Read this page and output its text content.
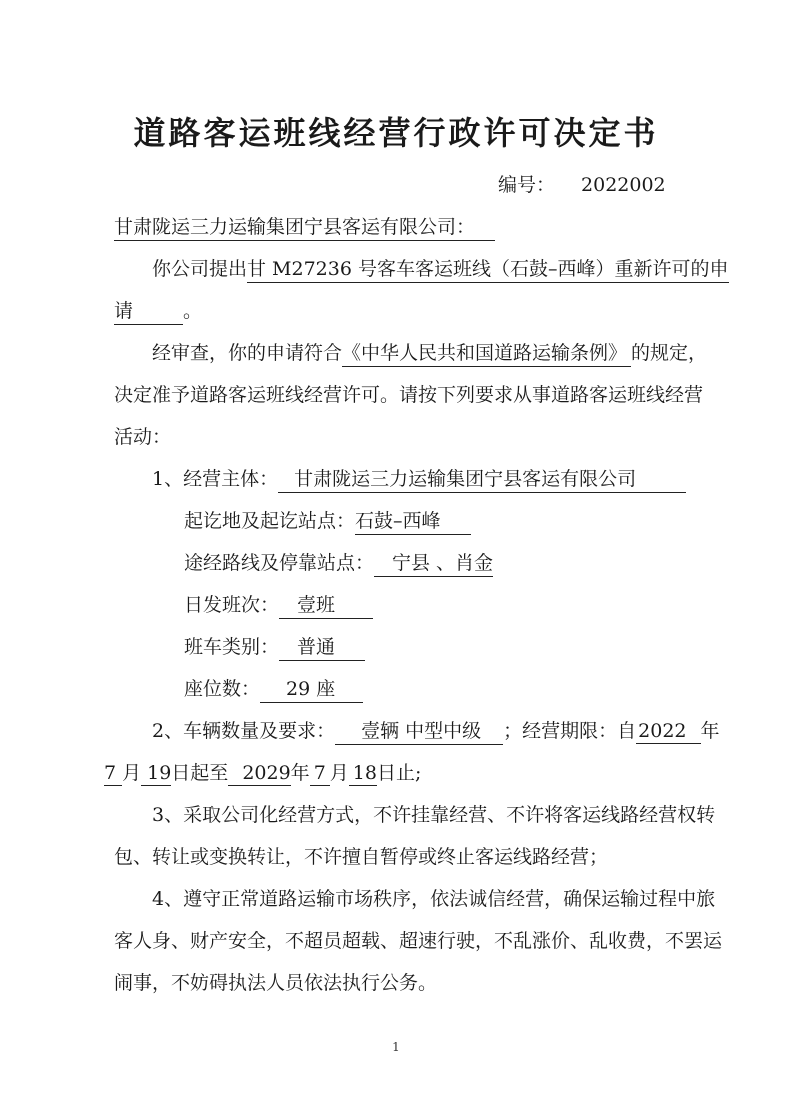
道路客运班线经营行政许可决定书
编号： 2022002
甘肃陇运三力运输集团宁县客运有限公司：
你公司提出甘 M27236 号客车客运班线（石鼓–西峰）重新许可的申
请	。
经审查，你的申请符合《中华人民共和国道路运输条例》 的规定，
决定准予道路客运班线经营许可。请按下列要求从事道路客运班线经营
活动：
1、经营主体： 甘肃陇运三力运输集团宁县客运有限公司
起讫地及起讫站点：石鼓–西峰
途经路线及停靠站点： 宁县 、肖金
日发班次： 壹班
班车类别： 普通
座位数： 29 座
2、车辆数量及要求： 壹辆 中型中级 ；经营期限：自 2022 年
7 月 19日起至 2029年 7 月 18日止;
3、采取公司化经营方式，不许挂靠经营、不许将客运线路经营权转
包、转让或变换转让，不许擅自暂停或终止客运线路经营；
4、遵守正常道路运输市场秩序，依法诚信经营，确保运输过程中旅
客人身、财产安全，不超员超载、超速行驶，不乱涨价、乱收费，不罢运
闹事，不妨碍执法人员依法执行公务。
1
